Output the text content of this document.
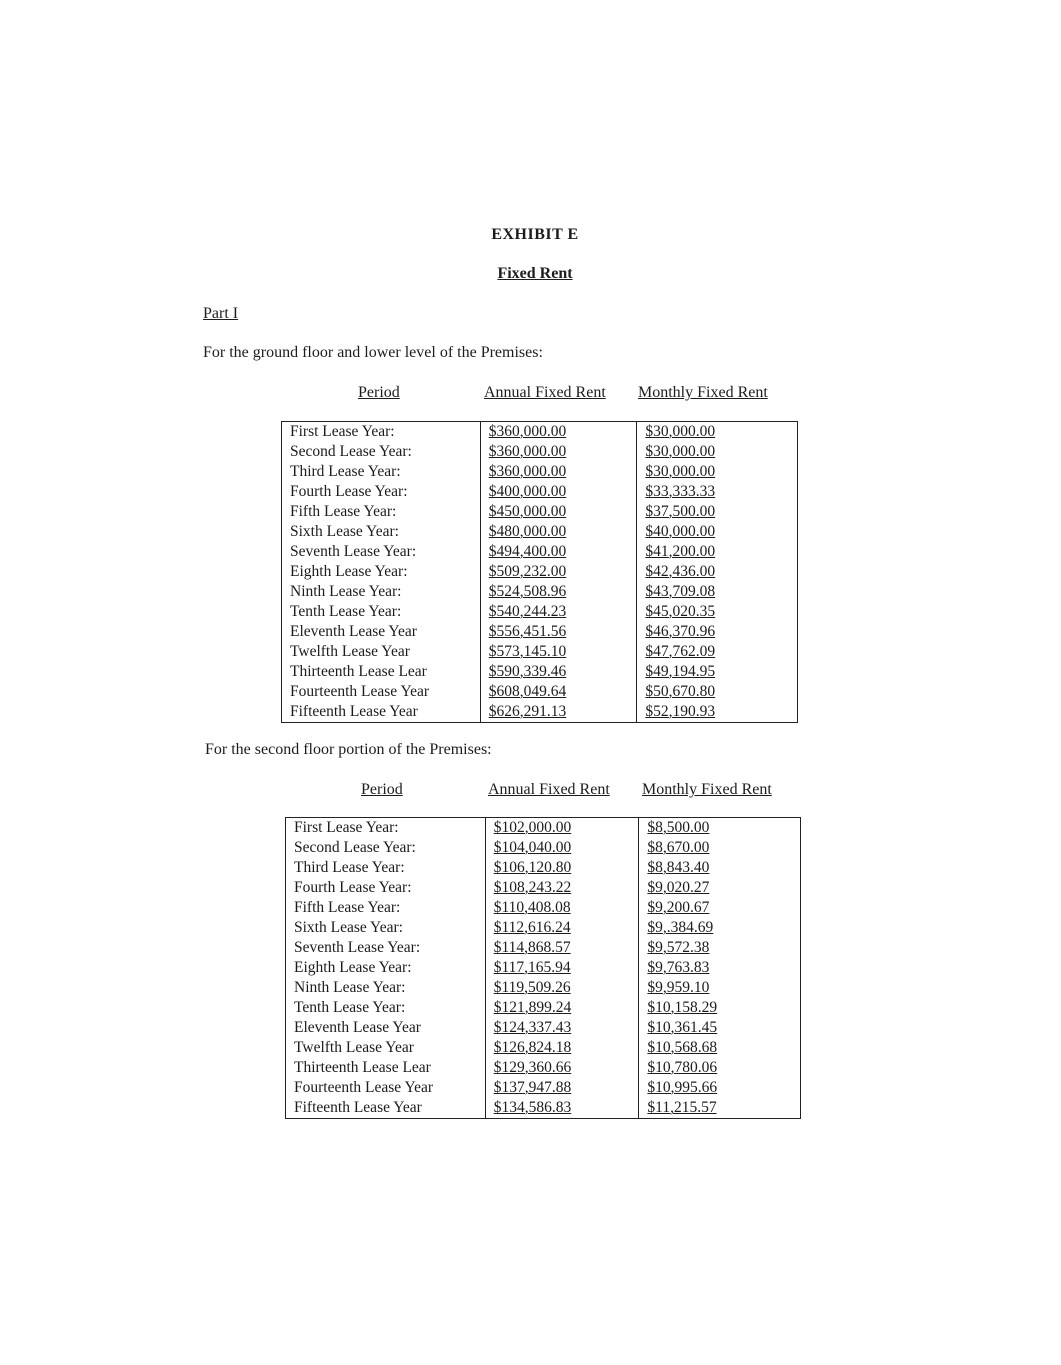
EXHIBIT E
Fixed Rent
Part I
For the ground floor and lower level of the Premises:
Period	Annual Fixed Rent Monthly Fixed Rent
First Lease Year:	$360,000.00	$30,000.00
Second Lease Year:	$360,000.00	$30,000.00
Third Lease Year:	$360,000.00	$30,000.00
Fourth Lease Year:	$400,000.00	$33,333.33
Fifth Lease Year:	$450,000.00	$37,500.00
Sixth Lease Year:	$480,000.00	$40,000.00
Seventh Lease Year:	$494,400.00	$41,200.00
Eighth Lease Year:	$509,232.00	$42,436.00
Ninth Lease Year:	$524,508.96	$43,709.08
Tenth Lease Year:	$540,244.23	$45,020.35
Eleventh Lease Year	$556,451.56	$46,370.96
Twelfth Lease Year	$573,145.10	$47,762.09
Thirteenth Lease Lear	$590,339.46	$49,194.95
Fourteenth Lease Year	$608,049.64	$50,670.80
Fifteenth Lease Year	$626,291.13	$52,190.93
For the second floor portion of the Premises:
Period	Annual Fixed Rent Monthly Fixed Rent
First Lease Year:	$102,000.00	$8,500.00
Second Lease Year:	$104,040.00	$8,670.00
Third Lease Year:	$106,120.80	$8,843.40
Fourth Lease Year:	$108,243.22	$9,020.27
Fifth Lease Year:	$110,408.08	$9,200.67
Sixth Lease Year:	$112,616.24	$9,.384.69
Seventh Lease Year:	$114,868.57	$9,572.38
Eighth Lease Year:	$117,165.94	$9,763.83
Ninth Lease Year:	$119,509.26	$9,959.10
Tenth Lease Year:	$121,899.24	$10,158.29
Eleventh Lease Year	$124,337.43	$10,361.45
Twelfth Lease Year	$126,824.18	$10,568.68
Thirteenth Lease Lear	$129,360.66	$10,780.06
Fourteenth Lease Year	$137,947.88	$10,995.66
Fifteenth Lease Year	$134,586.83	$11,215.57
